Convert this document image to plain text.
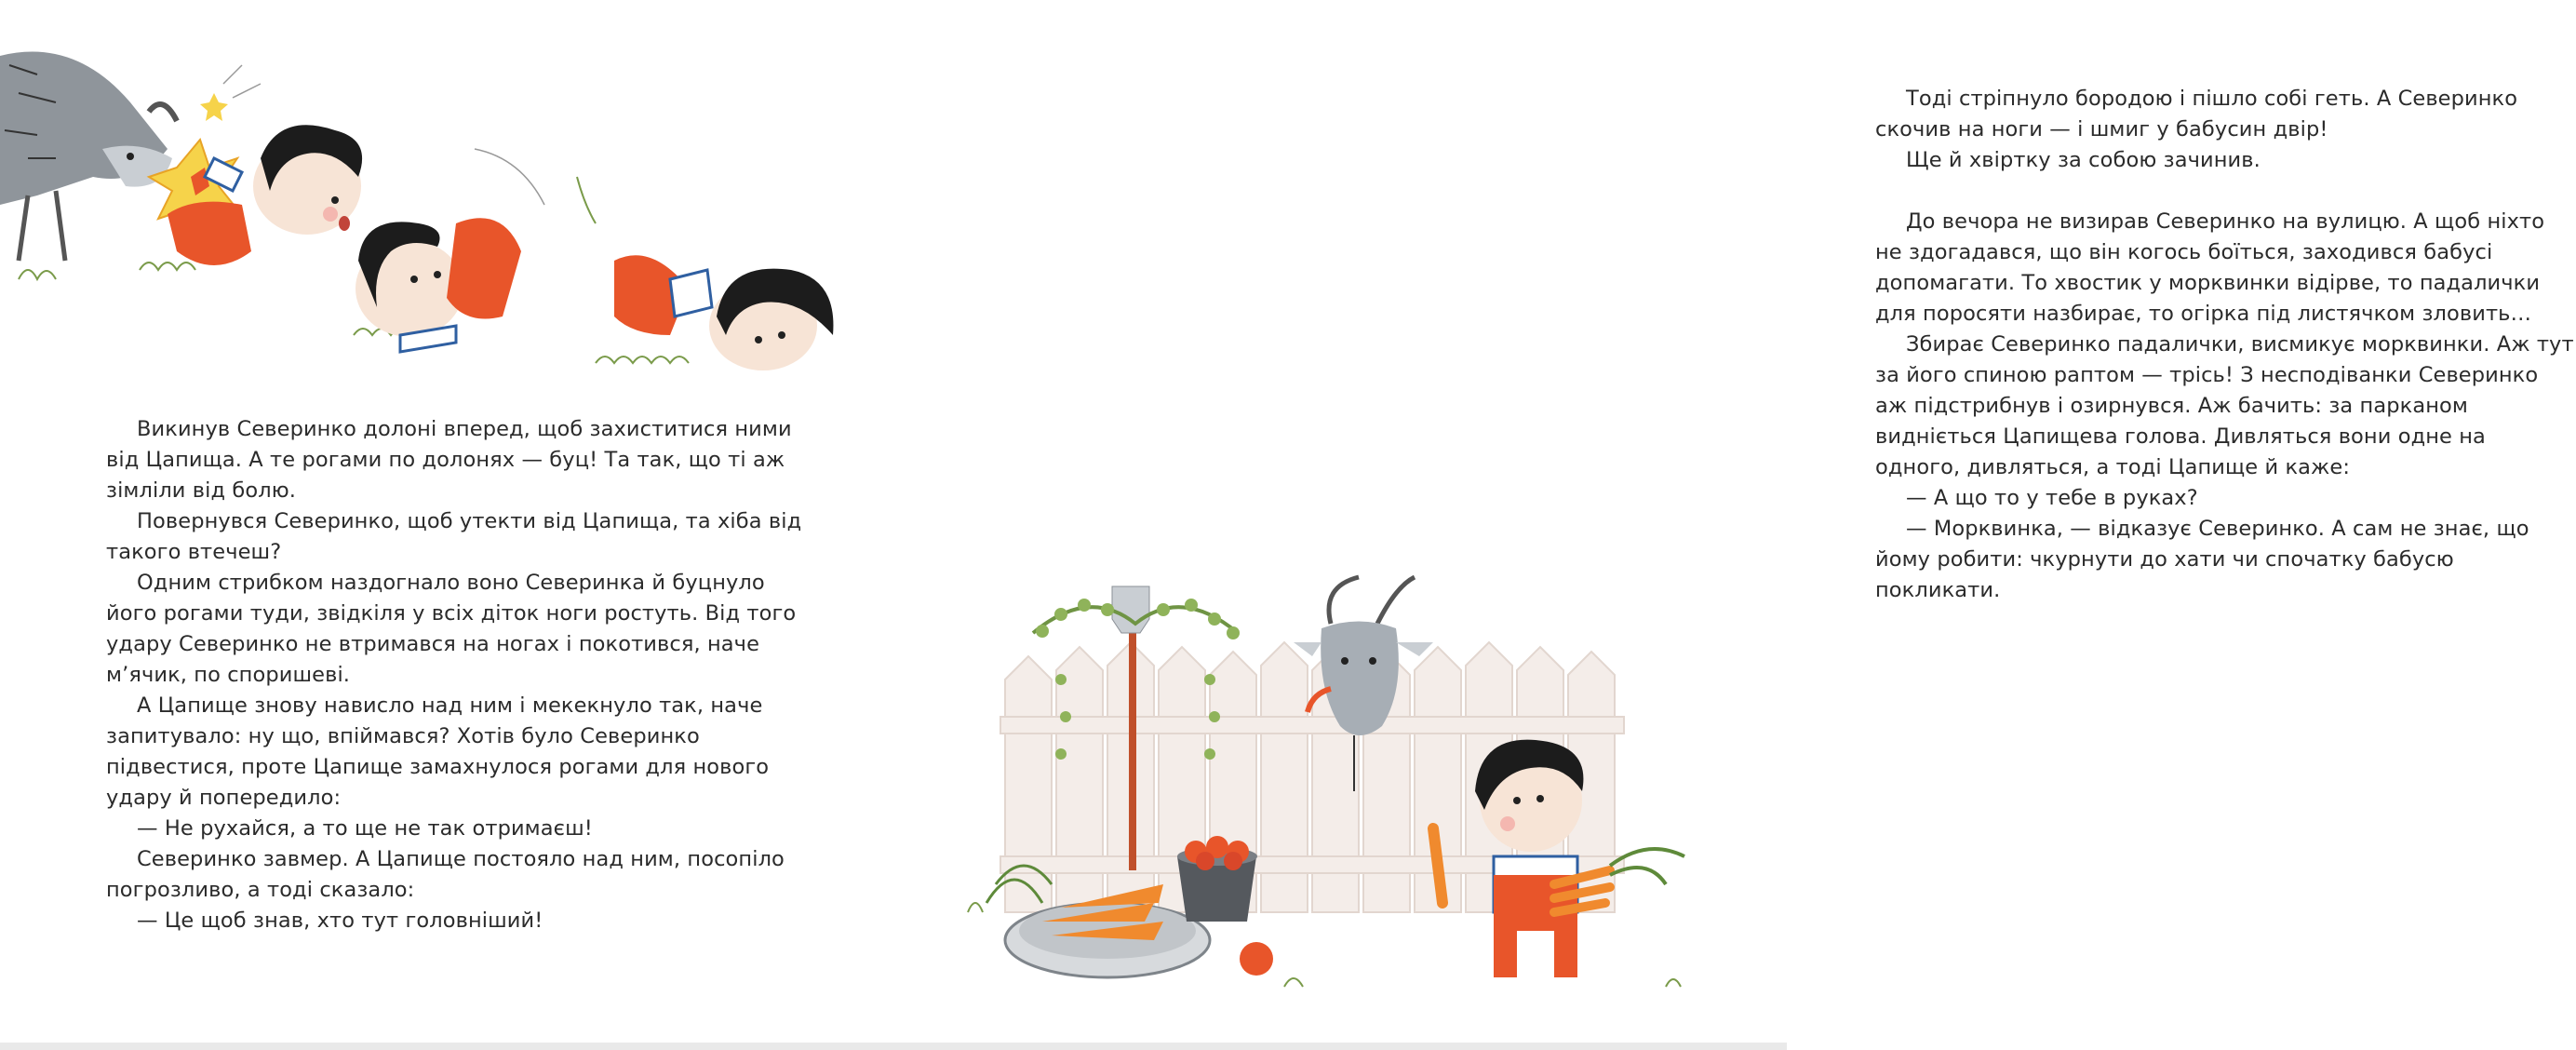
Викинув Северинко долоні вперед, щоб захиститися ними від Цапища. А те рогами по долонях — буц! Та так, що ті аж зімліли від болю.

Повернувся Северинко, щоб утекти від Цапища, та хіба від такого втечеш?

Одним стрибком наздогнало воно Северинка й буцнуло його рогами туди, звідкіля у всіх діток ноги ростуть. Від того удару Северинко не втримався на ногах і покотився, наче м’ячик, по споришеві.

А Цапище знову нависло над ним і мекекнуло так, наче запитувало: ну що, впіймався? Хотів було Северинко підвестися, проте Цапище замахнулося рогами для нового удару й попередило:

— Не рухайся, а то ще не так отримаєш!

Северинко завмер. А Цапище постояло над ним, посопіло погрозливо, а тоді сказало:

— Це щоб знав, хто тут головніший!

Тоді стріпнуло бородою і пішло собі геть. А Северинко скочив на ноги — і шмиг у бабусин двір!

Ще й хвіртку за собою зачинив.

До вечора не визирав Северинко на вулицю. А щоб ніхто не здогадався, що він когось боїться, заходився бабусі допомагати. То хвостик у морквинки відірве, то падалички для поросяти назбирає, то огірка під листячком зловить…

Збирає Северинко падалички, висмикує морквинки. Аж тут за його спиною раптом — трісь! З несподіванки Северинко аж підстрибнув і озирнувся. Аж бачить: за парканом видніється Цапищева голова. Дивляться вони одне на одного, дивляться, а тоді Цапище й каже:

— А що то у тебе в руках?

— Морквинка, — відказує Северинко. А сам не знає, що йому робити: чкурнути до хати чи спочатку бабусю покликати.
